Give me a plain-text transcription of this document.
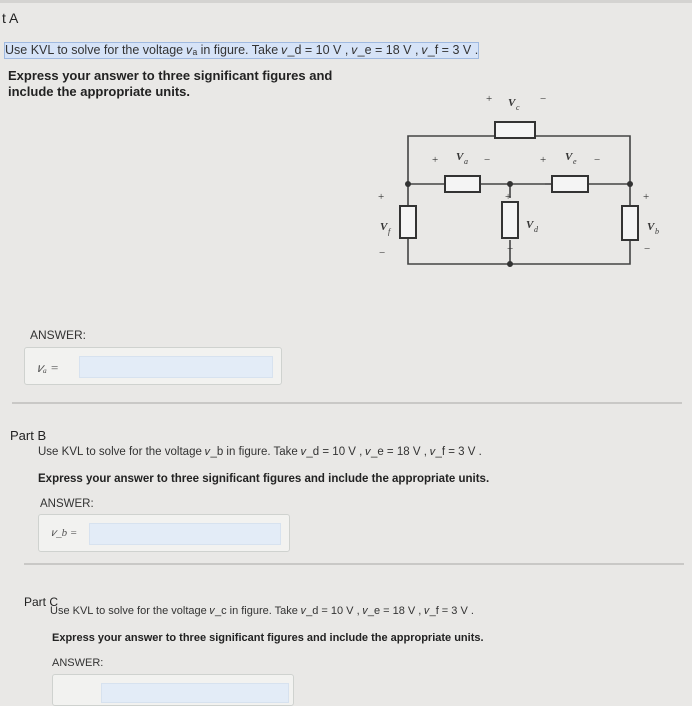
t A
Use KVL to solve for the voltage 𝑣ₐ in figure. Take 𝑣_d = 10 V , 𝑣_e = 18 V , 𝑣_f = 3 V .
Express your answer to three significant figures and
include the appropriate units.	+ V c
−
+ V a −	+ V e −
+
V f
−
+
V d
−
+
V b
−
ANSWER:
𝑣ₐ =
Part B
Use KVL to solve for the voltage 𝑣_b in figure. Take 𝑣_d = 10 V , 𝑣_e = 18 V , 𝑣_f = 3 V .
Express your answer to three significant figures and include the appropriate units.
ANSWER:
𝑣_b =
Part C
Use KVL to solve for the voltage 𝑣_c in figure. Take 𝑣_d = 10 V , 𝑣_e = 18 V , 𝑣_f = 3 V .
Express your answer to three significant figures and include the appropriate units.
ANSWER:
